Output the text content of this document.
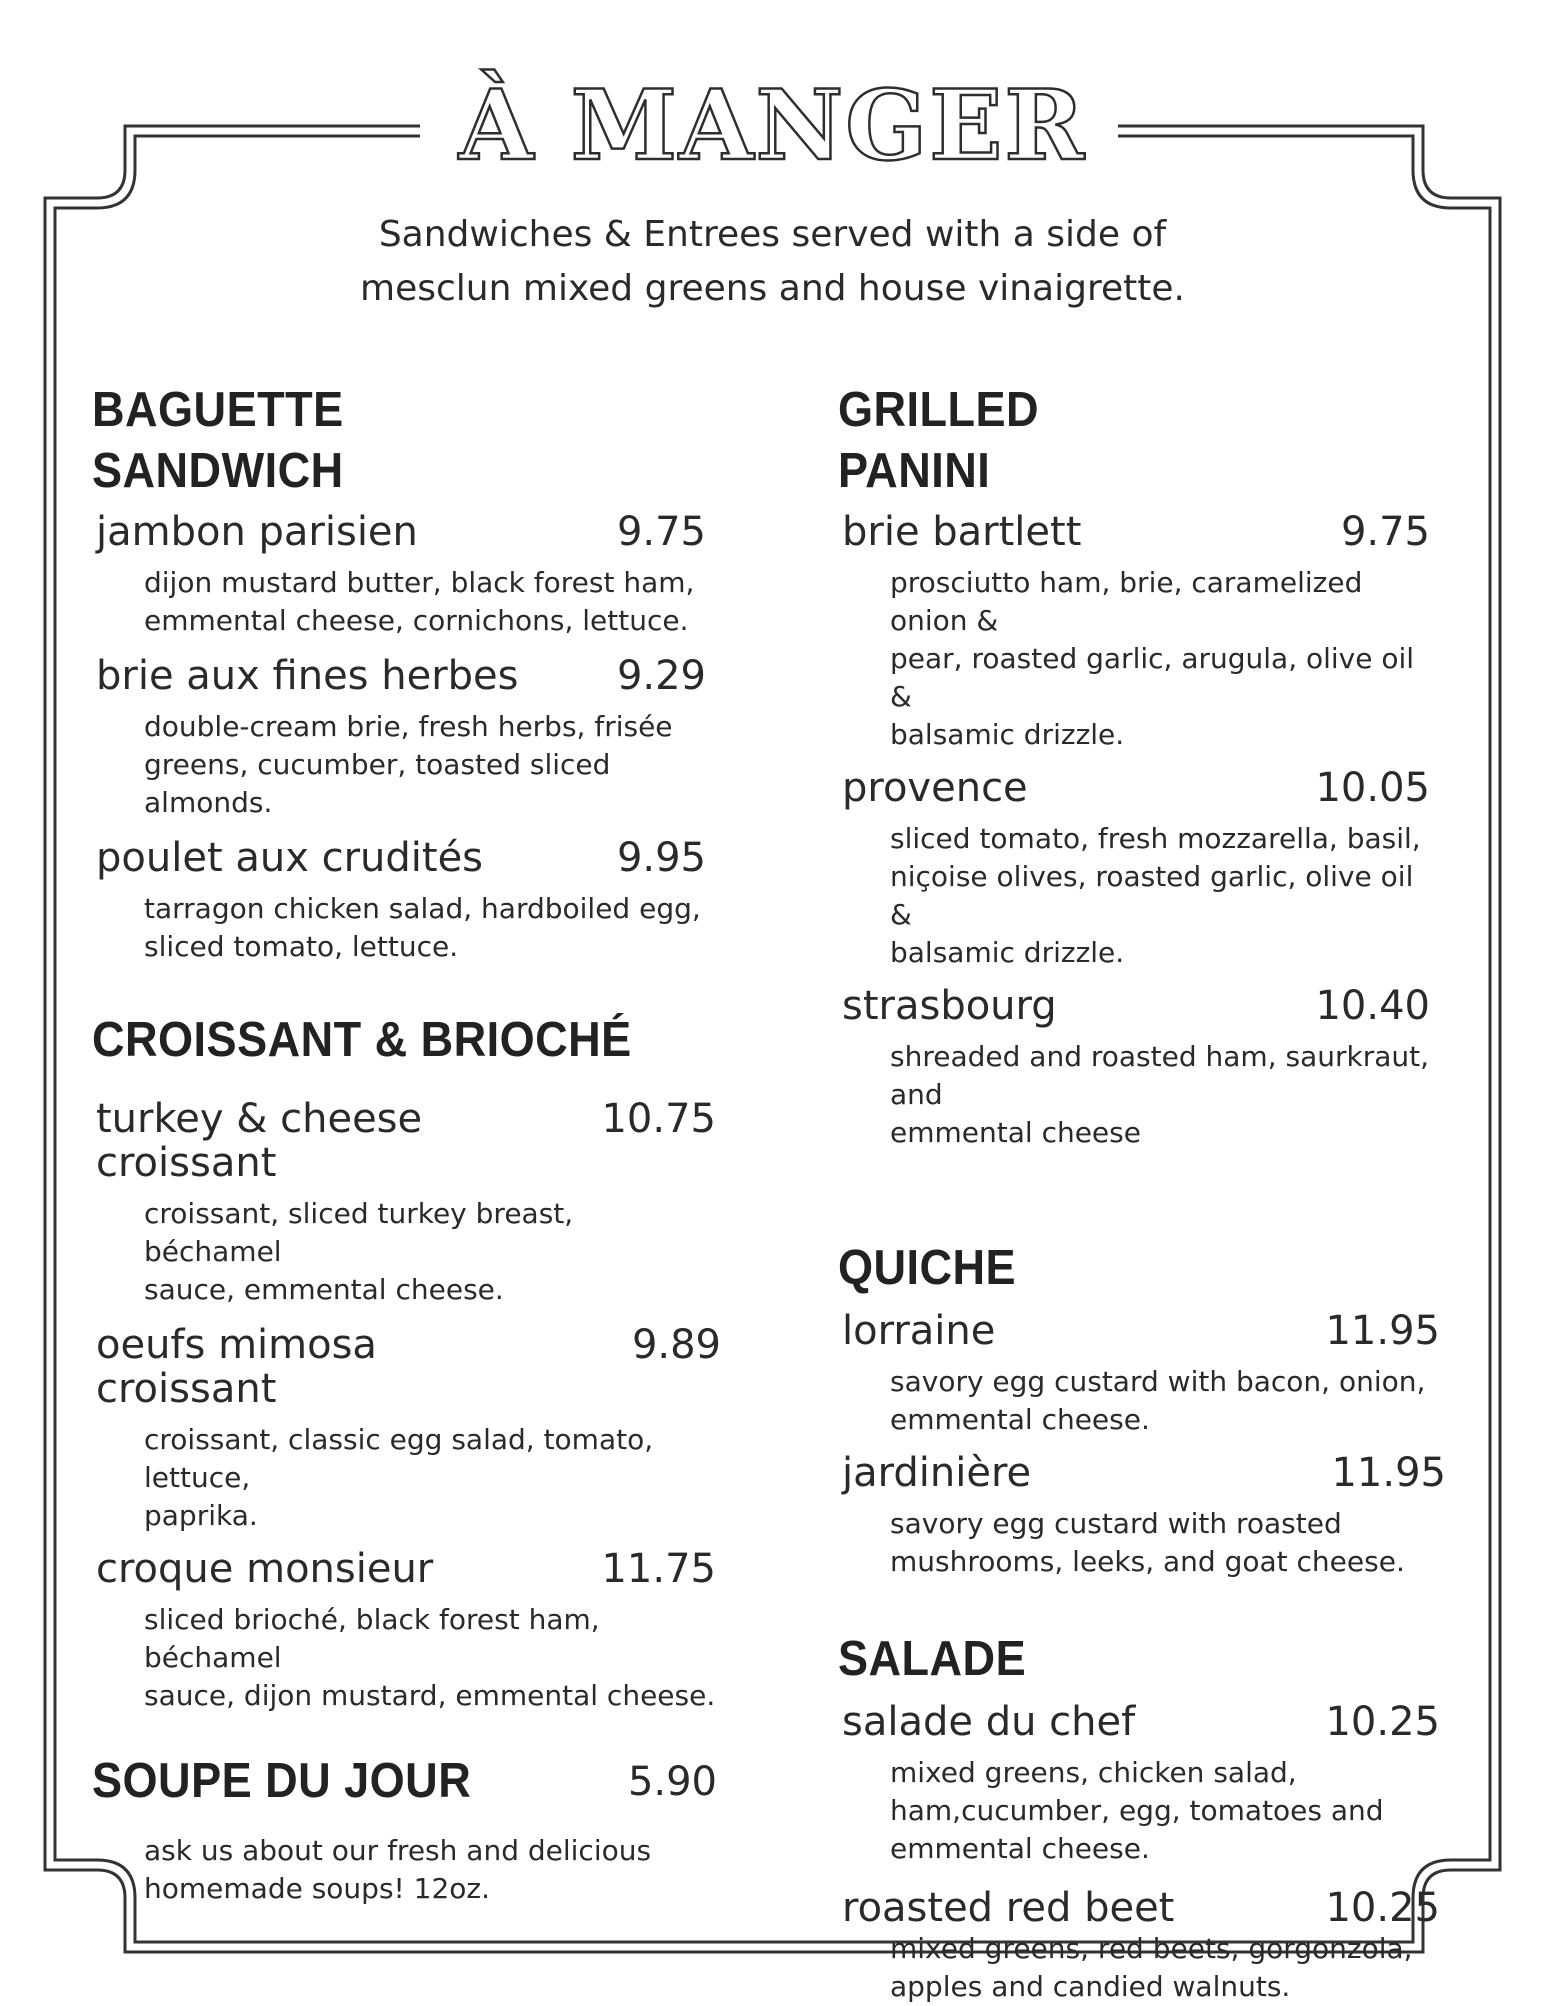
À MANGER
Sandwiches & Entrees served with a side of
mesclun mixed greens and house vinaigrette.
BAGUETTE
SANDWICH
jambon parisien	9.75
dijon mustard butter, black forest ham,
emmental cheese, cornichons, lettuce.
brie aux fines herbes	9.29
double-cream brie, fresh herbs, frisée
greens, cucumber, toasted sliced almonds.
poulet aux crudités	9.95
tarragon chicken salad, hardboiled egg,
sliced tomato, lettuce.
CROISSANT & BRIOCHÉ
turkey & cheese
croissant
10.75
croissant, sliced turkey breast, béchamel
sauce, emmental cheese.
oeufs mimosa
croissant
9.89
croissant, classic egg salad, tomato, lettuce,
paprika.
croque monsieur	11.75
sliced brioché, black forest ham, béchamel
sauce, dijon mustard, emmental cheese.
SOUPE DU JOUR	5.90
ask us about our fresh and delicious
homemade soups! 12oz.
GRILLED
PANINI
brie bartlett	9.75
prosciutto ham, brie, caramelized onion &
pear, roasted garlic, arugula, olive oil &
balsamic drizzle.
provence	10.05
sliced tomato, fresh mozzarella, basil,
niçoise olives, roasted garlic, olive oil &
balsamic drizzle.
strasbourg	10.40
shreaded and roasted ham, saurkraut, and
emmental cheese
QUICHE
lorraine	11.95
savory egg custard with bacon, onion,
emmental cheese.
jardinière	11.95
savory egg custard with roasted
mushrooms, leeks, and goat cheese.
SALADE
salade du chef	10.25
mixed greens, chicken salad,
ham,cucumber, egg, tomatoes and
emmental cheese.
roasted red beet	10.25
mixed greens, red beets, gorgonzola,
apples and candied walnuts.
